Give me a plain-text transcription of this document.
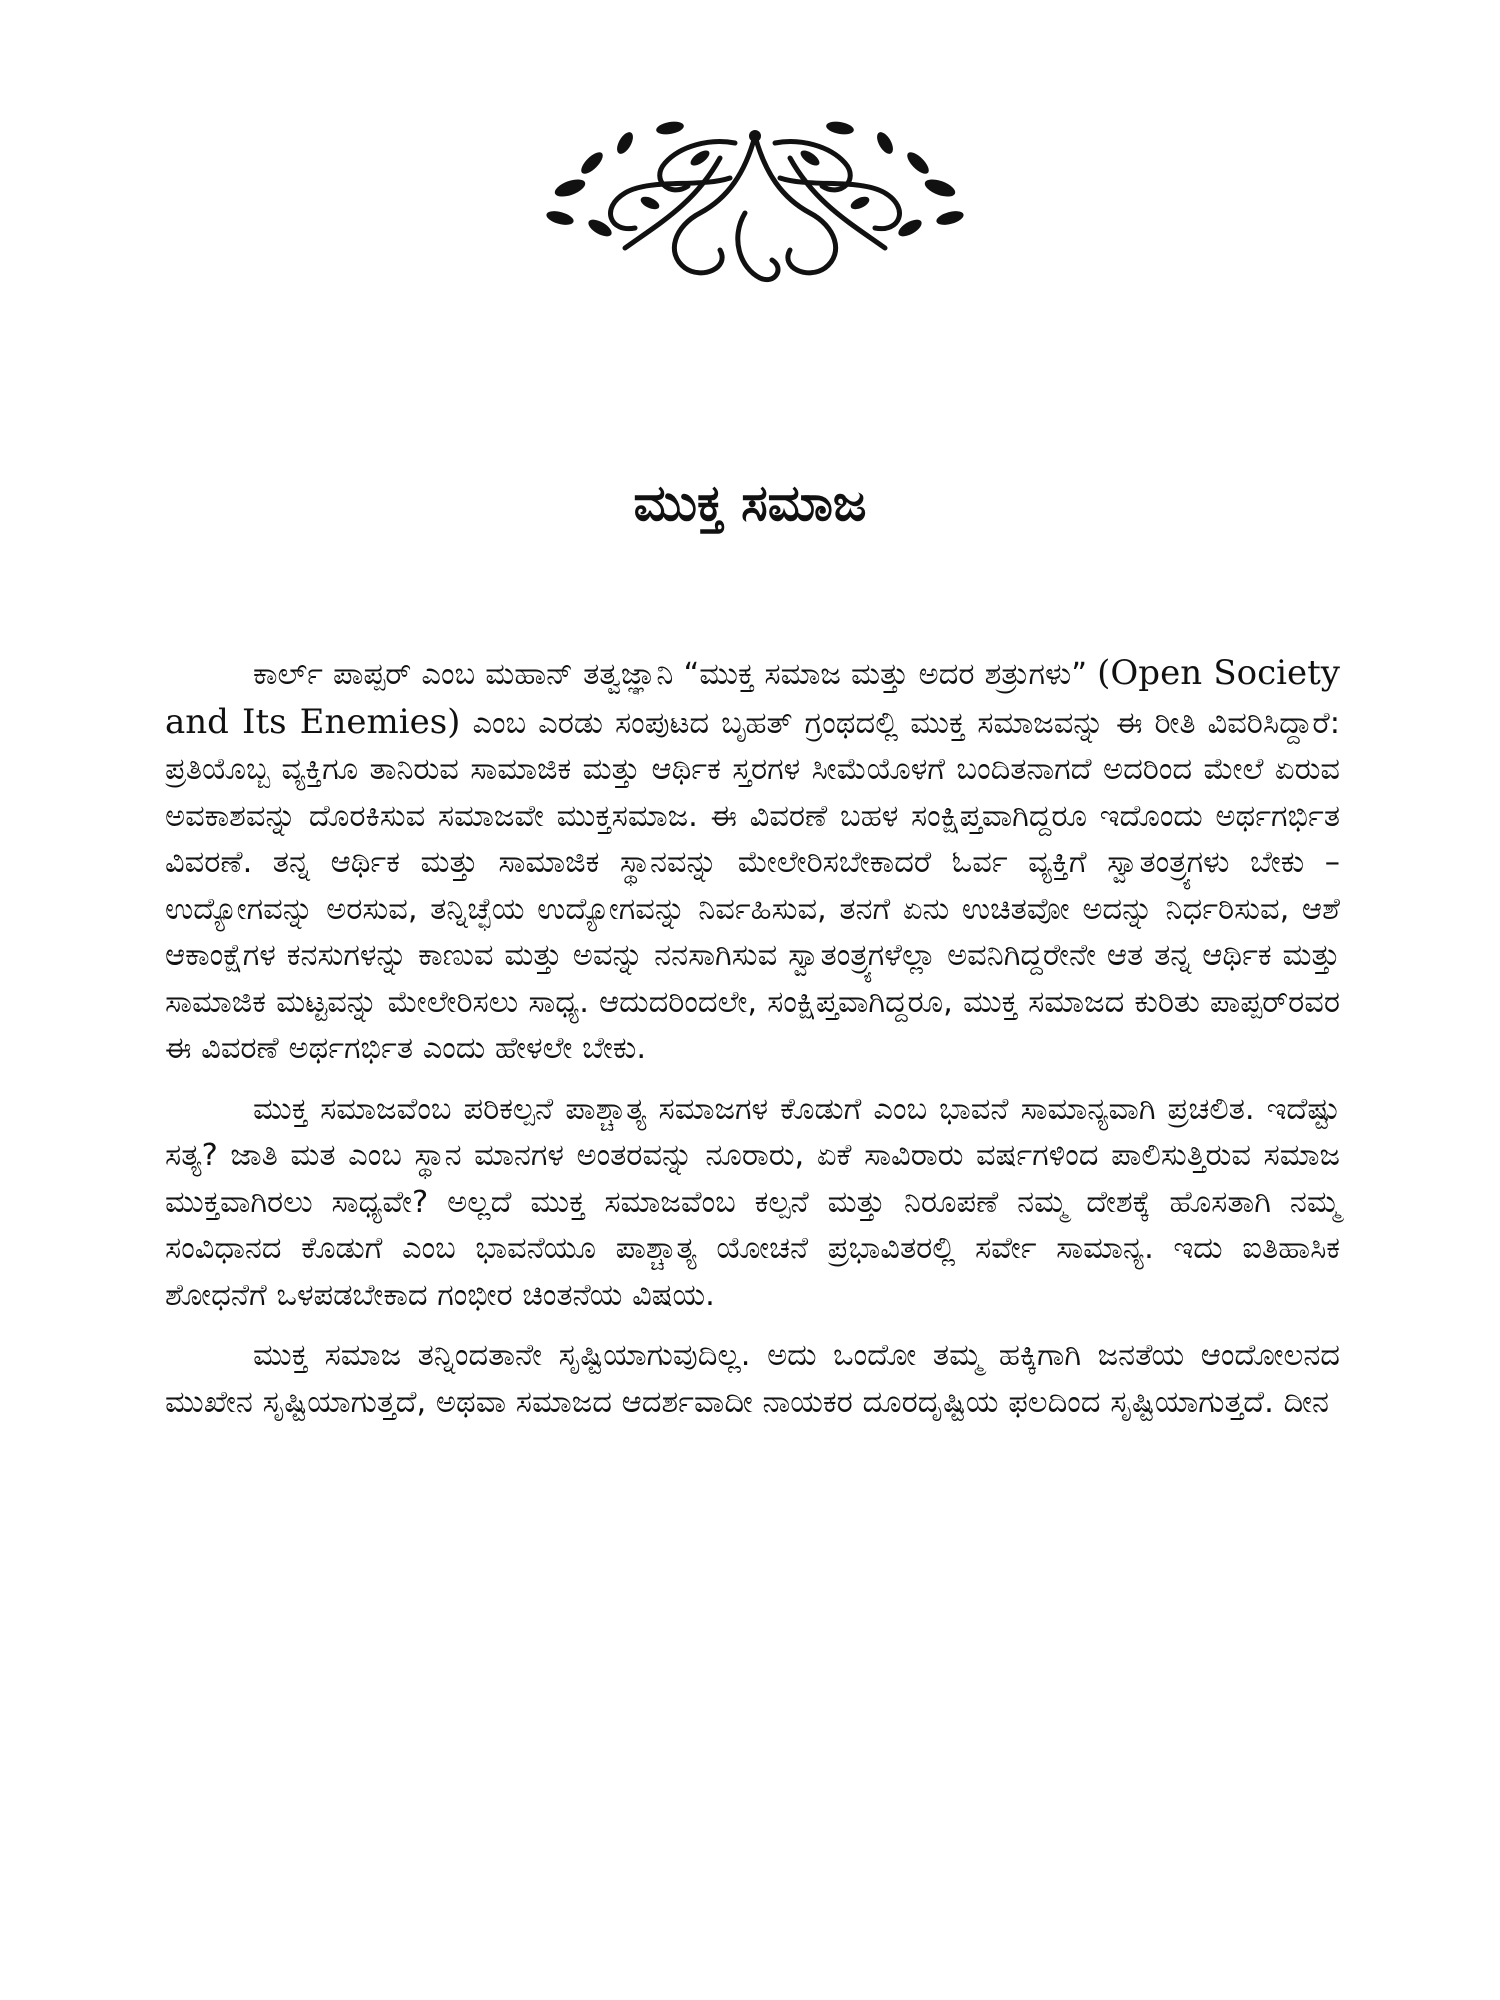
ಮುಕ್ತ ಸಮಾಜ

ಕಾರ್ಲ್ ಪಾಪ್ಪರ್ ಎಂಬ ಮಹಾನ್ ತತ್ವಜ್ಞಾನಿ “ಮುಕ್ತ ಸಮಾಜ ಮತ್ತು ಅದರ ಶತ್ರುಗಳು” (Open Society and Its Enemies) ಎಂಬ ಎರಡು ಸಂಪುಟದ ಬೃಹತ್ ಗ್ರಂಥದಲ್ಲಿ ಮುಕ್ತ ಸಮಾಜವನ್ನು ಈ ರೀತಿ ವಿವರಿಸಿದ್ದಾರೆ: ಪ್ರತಿಯೊಬ್ಬ ವ್ಯಕ್ತಿಗೂ ತಾನಿರುವ ಸಾಮಾಜಿಕ ಮತ್ತು ಆರ್ಥಿಕ ಸ್ತರಗಳ ಸೀಮೆಯೊಳಗೆ ಬಂದಿತನಾಗದೆ ಅದರಿಂದ ಮೇಲೆ ಏರುವ ಅವಕಾಶವನ್ನು ದೊರಕಿಸುವ ಸಮಾಜವೇ ಮುಕ್ತಸಮಾಜ. ಈ ವಿವರಣೆ ಬಹಳ ಸಂಕ್ಷಿಪ್ತವಾಗಿದ್ದರೂ ಇದೊಂದು ಅರ್ಥಗರ್ಭಿತ ವಿವರಣೆ. ತನ್ನ ಆರ್ಥಿಕ ಮತ್ತು ಸಾಮಾಜಿಕ ಸ್ಥಾನವನ್ನು ಮೇಲೇರಿಸಬೇಕಾದರೆ ಓರ್ವ ವ್ಯಕ್ತಿಗೆ ಸ್ವಾತಂತ್ರ್ಯಗಳು ಬೇಕು – ಉದ್ಯೋಗವನ್ನು ಅರಸುವ, ತನ್ನಿಚ್ಛೆಯ ಉದ್ಯೋಗವನ್ನು ನಿರ್ವಹಿಸುವ, ತನಗೆ ಏನು ಉಚಿತವೋ ಅದನ್ನು ನಿರ್ಧರಿಸುವ, ಆಶೆ ಆಕಾಂಕ್ಷೆಗಳ ಕನಸುಗಳನ್ನು ಕಾಣುವ ಮತ್ತು ಅವನ್ನು ನನಸಾಗಿಸುವ ಸ್ವಾತಂತ್ರ್ಯಗಳೆಲ್ಲಾ ಅವನಿಗಿದ್ದರೇನೇ ಆತ ತನ್ನ ಆರ್ಥಿಕ ಮತ್ತು ಸಾಮಾಜಿಕ ಮಟ್ಟವನ್ನು ಮೇಲೇರಿಸಲು ಸಾಧ್ಯ. ಆದುದರಿಂದಲೇ, ಸಂಕ್ಷಿಪ್ತವಾಗಿದ್ದರೂ, ಮುಕ್ತ ಸಮಾಜದ ಕುರಿತು ಪಾಪ್ಪರ್‌ರವರ ಈ ವಿವರಣೆ ಅರ್ಥಗರ್ಭಿತ ಎಂದು ಹೇಳಲೇ ಬೇಕು.

ಮುಕ್ತ ಸಮಾಜವೆಂಬ ಪರಿಕಲ್ಪನೆ ಪಾಶ್ಚಾತ್ಯ ಸಮಾಜಗಳ ಕೊಡುಗೆ ಎಂಬ ಭಾವನೆ ಸಾಮಾನ್ಯವಾಗಿ ಪ್ರಚಲಿತ. ಇದೆಷ್ಟು ಸತ್ಯ? ಜಾತಿ ಮತ ಎಂಬ ಸ್ಥಾನ ಮಾನಗಳ ಅಂತರವನ್ನು ನೂರಾರು, ಏಕೆ ಸಾವಿರಾರು ವರ್ಷಗಳಿಂದ ಪಾಲಿಸುತ್ತಿರುವ ಸಮಾಜ ಮುಕ್ತವಾಗಿರಲು ಸಾಧ್ಯವೇ? ಅಲ್ಲದೆ ಮುಕ್ತ ಸಮಾಜವೆಂಬ ಕಲ್ಪನೆ ಮತ್ತು ನಿರೂಪಣೆ ನಮ್ಮ ದೇಶಕ್ಕೆ ಹೊಸತಾಗಿ ನಮ್ಮ ಸಂವಿಧಾನದ ಕೊಡುಗೆ ಎಂಬ ಭಾವನೆಯೂ ಪಾಶ್ಚಾತ್ಯ ಯೋಚನೆ ಪ್ರಭಾವಿತರಲ್ಲಿ ಸರ್ವೇ ಸಾಮಾನ್ಯ. ಇದು ಐತಿಹಾಸಿಕ ಶೋಧನೆಗೆ ಒಳಪಡಬೇಕಾದ ಗಂಭೀರ ಚಿಂತನೆಯ ವಿಷಯ.

ಮುಕ್ತ ಸಮಾಜ ತನ್ನಿಂದತಾನೇ ಸೃಷ್ಟಿಯಾಗುವುದಿಲ್ಲ. ಅದು ಒಂದೋ ತಮ್ಮ ಹಕ್ಕಿಗಾಗಿ ಜನತೆಯ ಆಂದೋಲನದ ಮುಖೇನ ಸೃಷ್ಟಿಯಾಗುತ್ತದೆ, ಅಥವಾ ಸಮಾಜದ ಆದರ್ಶವಾದೀ ನಾಯಕರ ದೂರದೃಷ್ಟಿಯ ಫಲದಿಂದ ಸೃಷ್ಟಿಯಾಗುತ್ತದೆ. ದೀನ
